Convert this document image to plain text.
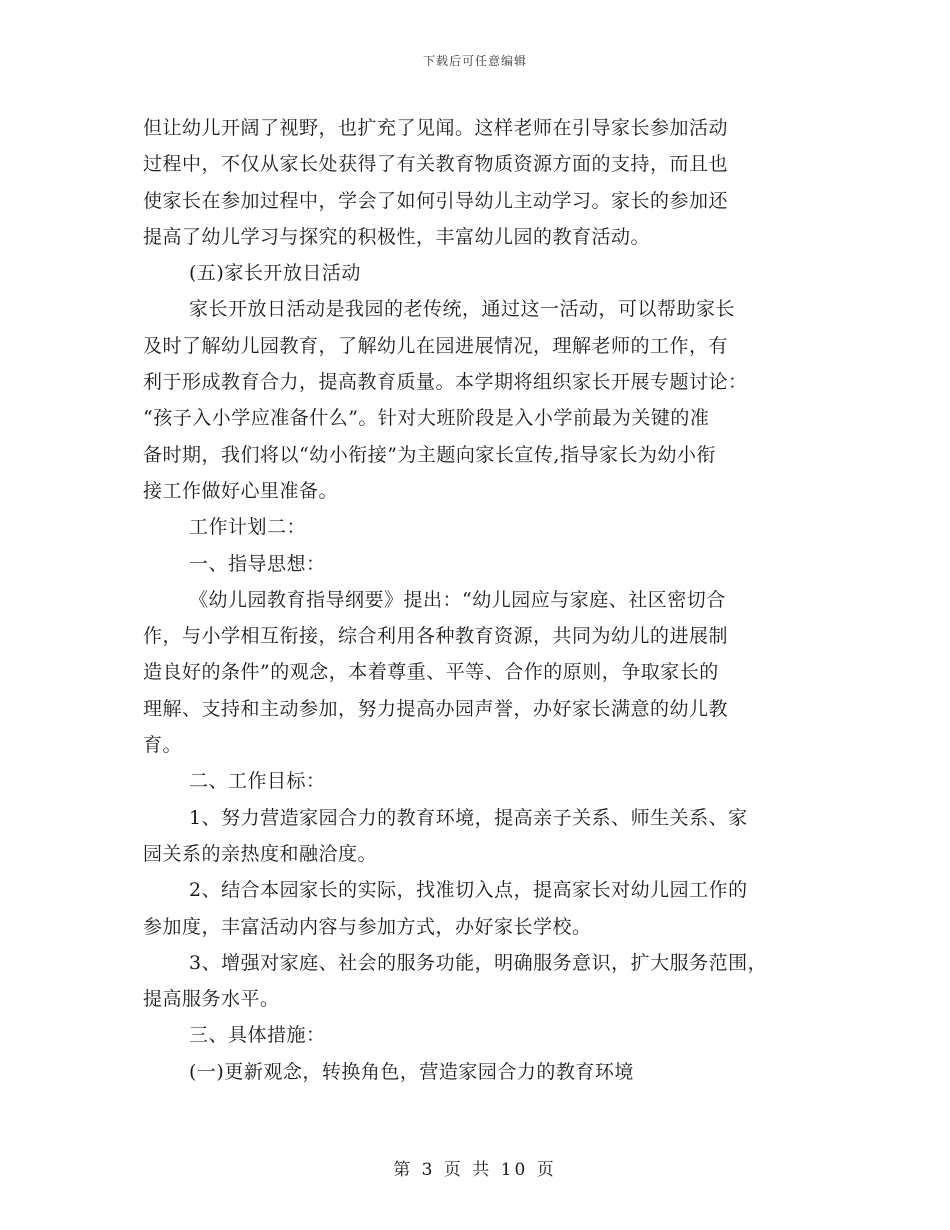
下载后可任意编辑
但让幼儿开阔了视野，也扩充了见闻。这样老师在引导家长参加活动
过程中，不仅从家长处获得了有关教育物质资源方面的支持，而且也
使家长在参加过程中，学会了如何引导幼儿主动学习。家长的参加还
提高了幼儿学习与探究的积极性，丰富幼儿园的教育活动。
(五)家长开放日活动
家长开放日活动是我园的老传统，通过这一活动，可以帮助家长
及时了解幼儿园教育，了解幼儿在园进展情况，理解老师的工作，有
利于形成教育合力，提高教育质量。本学期将组织家长开展专题讨论：
“孩子入小学应准备什么”。针对大班阶段是入小学前最为关键的准
备时期，我们将以“幼小衔接”为主题向家长宣传,指导家长为幼小衔
接工作做好心里准备。
工作计划二：
一、指导思想：
《幼儿园教育指导纲要》提出：“幼儿园应与家庭、社区密切合
作，与小学相互衔接，综合利用各种教育资源，共同为幼儿的进展制
造良好的条件”的观念，本着尊重、平等、合作的原则，争取家长的
理解、支持和主动参加，努力提高办园声誉，办好家长满意的幼儿教
育。
二、工作目标：
1、努力营造家园合力的教育环境，提高亲子关系、师生关系、家
园关系的亲热度和融洽度。
2、结合本园家长的实际，找准切入点，提高家长对幼儿园工作的
参加度，丰富活动内容与参加方式，办好家长学校。
3、增强对家庭、社会的服务功能，明确服务意识，扩大服务范围，
提高服务水平。
三、具体措施：
(一)更新观念，转换角色，营造家园合力的教育环境
第 3 页 共 10 页
